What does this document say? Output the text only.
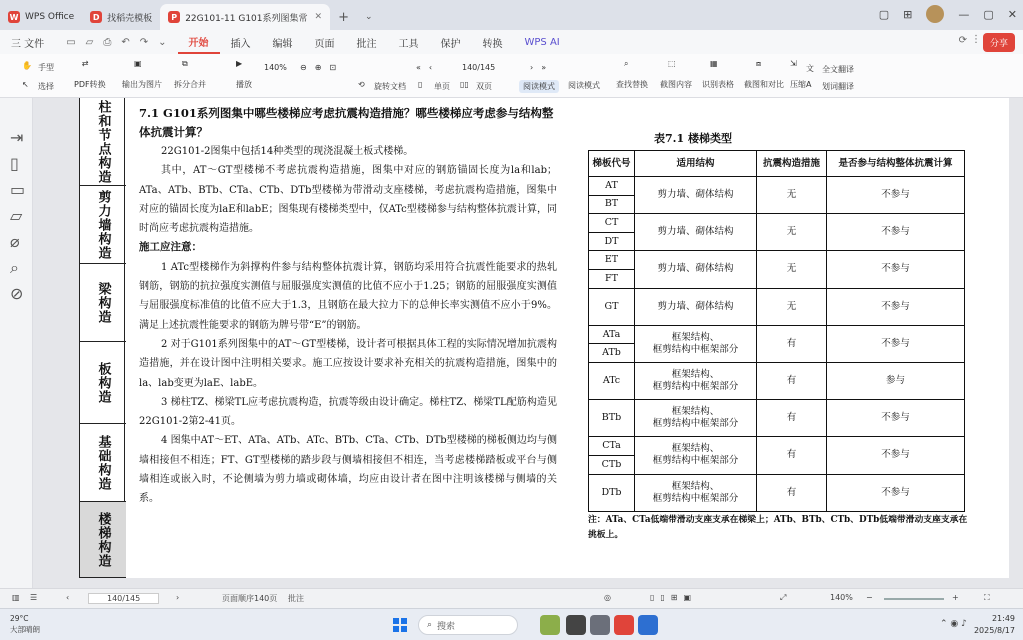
W WPS Office	D 找稻壳模板	P 22G101-11 G101系列图集常 ✕	+	⌄	▢ ⊞	— ▢ ✕
三 文件	▭ ▱ ⎙ ↶ ↷ ⌄	开始	插入	编辑	页面	批注	工具	保护	转换	WPS AI	⟳ ⋮ 分享
✋ 手型
↖	选择
⇄
PDF转换
▣
输出为图片
⧉
拆分合并
▶
播放
140% ⊖ ⊕ ⊡
⟲	旋转文档 ▯	单页 ▯▯ 双页
« ‹	140/145	› »
阅读模式	阅读模式
⌕
查找替换
⬚
截图内容
▦
识别表格
⧈
截图和对比
⇲
压缩
文	全文翻译
A	划词翻译
⇥
▯
▭
▱
⌀
⌕
⊘
柱和节点构造
剪力墙构造
梁构造
板构造
基础构造
楼梯构造
7.1 G101系列图集中哪些楼梯应考虑抗震构造措施？哪些楼梯应考虑参与结构整体抗震计算？

22G101-2图集中包括14种类型的现浇混凝土板式楼梯。

其中，AT～GT型楼梯不考虑抗震构造措施，图集中对应的钢筋锚固长度为la和lab；ATa、ATb、BTb、CTa、CTb、DTb型楼梯为带滑动支座楼梯，考虑抗震构造措施，图集中对应的锚固长度为laE和labE；图集现有楼梯类型中，仅ATc型楼梯参与结构整体抗震计算，同时尚应考虑抗震构造措施。

施工应注意：

1 ATc型楼梯作为斜撑构件参与结构整体抗震计算，钢筋均采用符合抗震性能要求的热轧钢筋，钢筋的抗拉强度实测值与屈服强度实测值的比值不应小于1.25；钢筋的屈服强度实测值与屈服强度标准值的比值不应大于1.3，且钢筋在最大拉力下的总伸长率实测值不应小于9%。满足上述抗震性能要求的钢筋为牌号带“E”的钢筋。

2 对于G101系列图集中的AT～GT型楼梯，设计者可根据具体工程的实际情况增加抗震构造措施，并在设计图中注明相关要求。施工应按设计要求补充相关的抗震构造措施，图集中的la、lab变更为laE、labE。

3 梯柱TZ、梯梁TL应考虑抗震构造，抗震等级由设计确定。梯柱TZ、梯梁TL配筋构造见22G101-2第2-41页。

4 图集中AT～ET、ATa、ATb、ATc、BTb、CTa、CTb、DTb型楼梯的梯板侧边均与侧墙相接但不相连；FT、GT型楼梯的踏步段与侧墙相接但不相连，当考虑楼梯踏板或平台与侧墙相连或嵌入时，不论侧墙为剪力墙或砌体墙，均应由设计者在图中注明该楼梯与侧墙的关系。

表7.1 楼梯类型
梯板代号	适用结构	抗震构造措施	是否参与结构整体抗震计算
AT	剪力墙、砌体结构	无	不参与
BT			
CT	剪力墙、砌体结构	无	不参与
DT			
ET	剪力墙、砌体结构	无	不参与
FT			
GT	剪力墙、砌体结构	无	不参与
ATa	框架结构、
框剪结构中框架部分	有	不参与
ATb			
ATc	框架结构、
框剪结构中框架部分	有	参与
BTb	框架结构、
框剪结构中框架部分	有	不参与
CTa	框架结构、
框剪结构中框架部分	有	不参与
CTb			
DTb	框架结构、
框剪结构中框架部分	有	不参与
注：ATa、CTa低端带滑动支座支承在梯梁上；ATb、BTb、CTb、DTb低端带滑动支座支承在挑板上。
▥ ☰	‹	140/145	›	页面顺序140页 批注	◎	▯▯⊞▣	⤢	140% −	+	⛶
29°C
大部晴朗	⌕ 搜索	⌃ ◉ ♪
21:49
2025/8/17
